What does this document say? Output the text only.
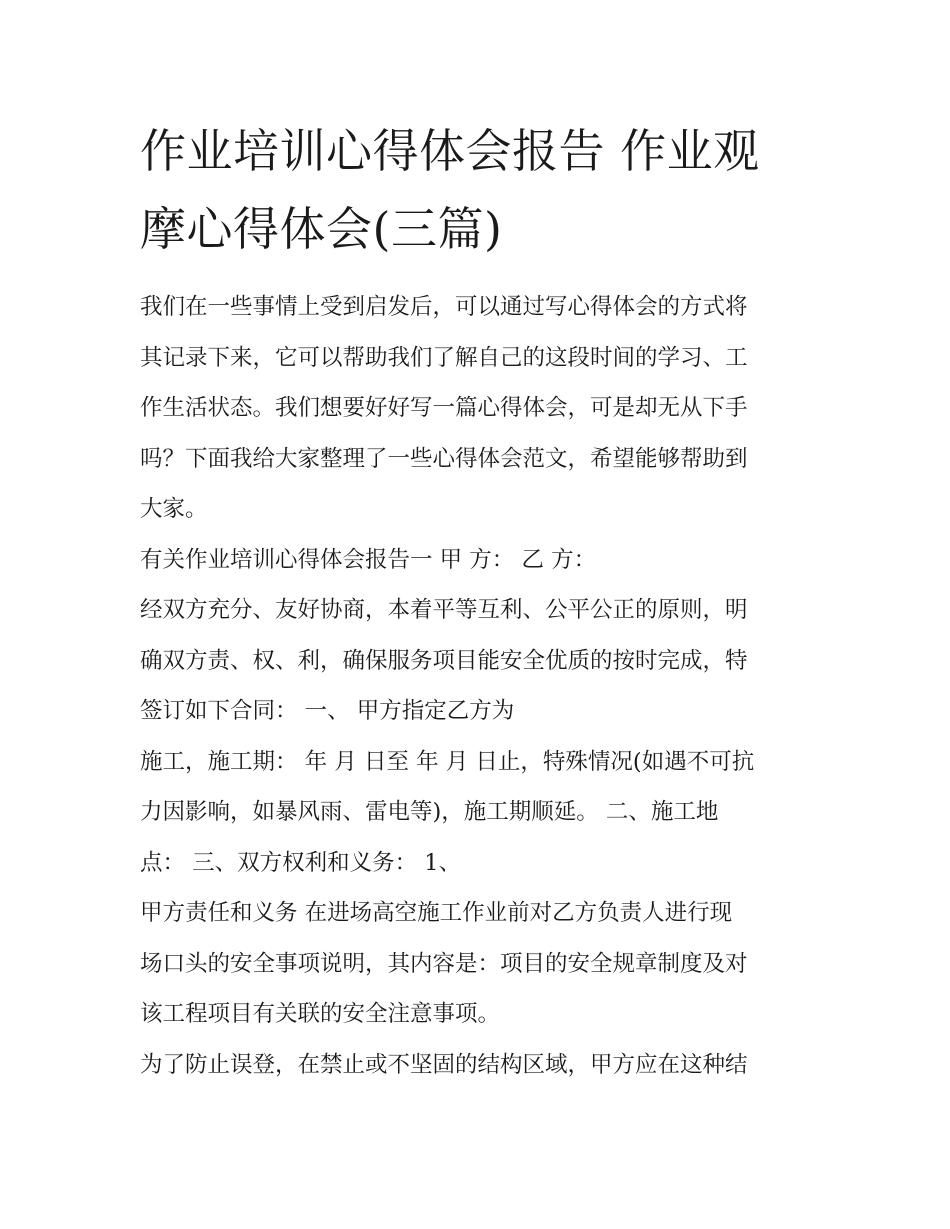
作业培训心得体会报告 作业观
摩心得体会(三篇)

我们在一些事情上受到启发后，可以通过写心得体会的方式将
其记录下来，它可以帮助我们了解自己的这段时间的学习、工
作生活状态。我们想要好好写一篇心得体会，可是却无从下手
吗？下面我给大家整理了一些心得体会范文，希望能够帮助到
大家。

有关作业培训心得体会报告一 甲 方： 乙 方：

经双方充分、友好协商，本着平等互利、公平公正的原则，明
确双方责、权、利，确保服务项目能安全优质的按时完成，特
签订如下合同： 一、 甲方指定乙方为

施工，施工期： 年 月 日至 年 月 日止，特殊情况(如遇不可抗
力因影响，如暴风雨、雷电等)，施工期顺延。 二、施工地
点： 三、双方权利和义务： 1、

甲方责任和义务 在进场高空施工作业前对乙方负责人进行现
场口头的安全事项说明，其内容是：项目的安全规章制度及对
该工程项目有关联的安全注意事项。

为了防止误登，在禁止或不坚固的结构区域，甲方应在这种结
